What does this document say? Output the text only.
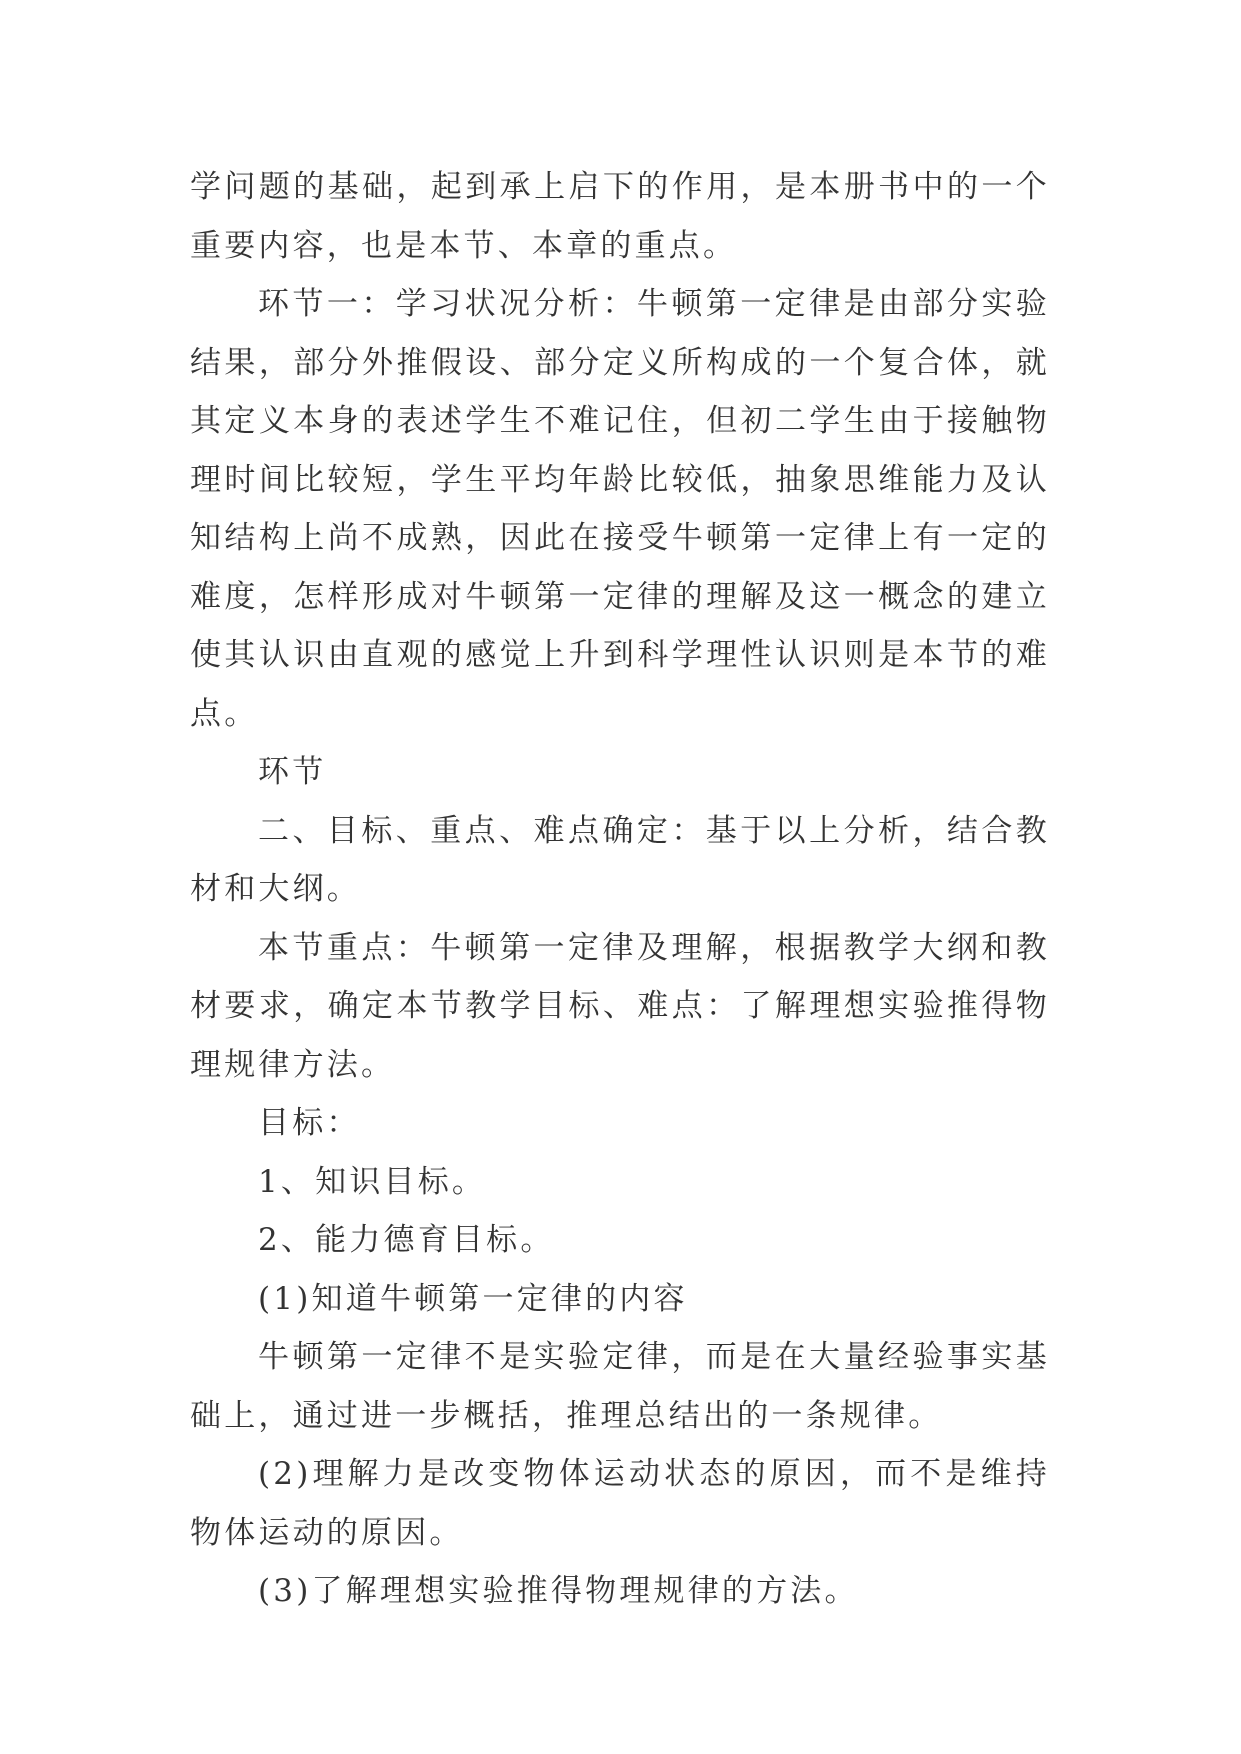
学问题的基础，起到承上启下的作用，是本册书中的一个重要内容，也是本节、本章的重点。

环节一：学习状况分析：牛顿第一定律是由部分实验结果，部分外推假设、部分定义所构成的一个复合体，就其定义本身的表述学生不难记住，但初二学生由于接触物理时间比较短，学生平均年龄比较低，抽象思维能力及认知结构上尚不成熟，因此在接受牛顿第一定律上有一定的难度，怎样形成对牛顿第一定律的理解及这一概念的建立使其认识由直观的感觉上升到科学理性认识则是本节的难点。

环节

二、目标、重点、难点确定：基于以上分析，结合教材和大纲。

本节重点：牛顿第一定律及理解，根据教学大纲和教材要求，确定本节教学目标、难点：了解理想实验推得物理规律方法。

目标：

1、知识目标。

2、能力德育目标。

(1)知道牛顿第一定律的内容

牛顿第一定律不是实验定律，而是在大量经验事实基础上，通过进一步概括，推理总结出的一条规律。

(2)理解力是改变物体运动状态的原因，而不是维持物体运动的原因。

(3)了解理想实验推得物理规律的方法。
